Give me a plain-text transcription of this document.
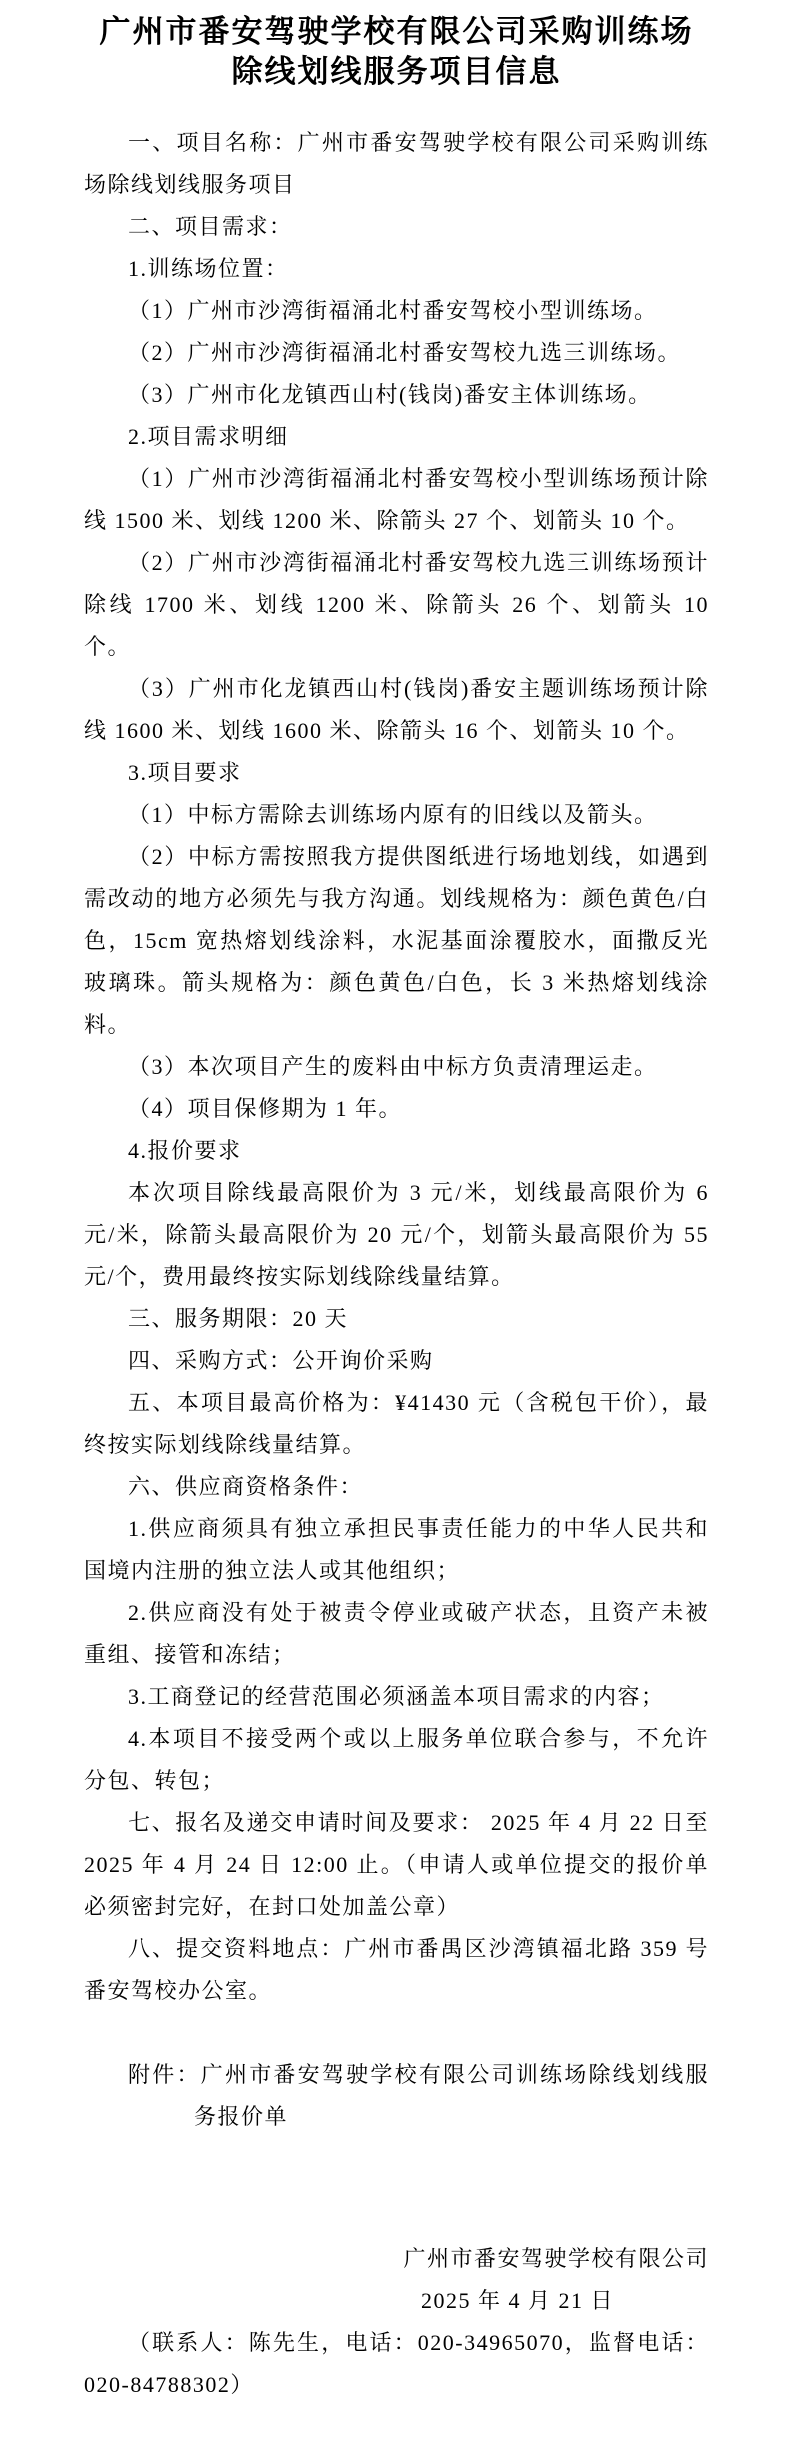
广州市番安驾驶学校有限公司采购训练场
除线划线服务项目信息

一、项目名称：广州市番安驾驶学校有限公司采购训练场除线划线服务项目

二、项目需求：

1.训练场位置：

（1）广州市沙湾街福涌北村番安驾校小型训练场。

（2）广州市沙湾街福涌北村番安驾校九选三训练场。

（3）广州市化龙镇西山村(钱岗)番安主体训练场。

2.项目需求明细

（1）广州市沙湾街福涌北村番安驾校小型训练场预计除线 1500 米、划线 1200 米、除箭头 27 个、划箭头 10 个。

（2）广州市沙湾街福涌北村番安驾校九选三训练场预计除线 1700 米、划线 1200 米、除箭头 26 个、划箭头 10 个。

（3）广州市化龙镇西山村(钱岗)番安主题训练场预计除线 1600 米、划线 1600 米、除箭头 16 个、划箭头 10 个。

3.项目要求

（1）中标方需除去训练场内原有的旧线以及箭头。

（2）中标方需按照我方提供图纸进行场地划线，如遇到需改动的地方必须先与我方沟通。划线规格为：颜色黄色/白色，15cm 宽热熔划线涂料，水泥基面涂覆胶水，面撒反光玻璃珠。箭头规格为：颜色黄色/白色，长 3 米热熔划线涂料。

（3）本次项目产生的废料由中标方负责清理运走。

（4）项目保修期为 1 年。

4.报价要求

本次项目除线最高限价为 3 元/米，划线最高限价为 6 元/米，除箭头最高限价为 20 元/个，划箭头最高限价为 55 元/个，费用最终按实际划线除线量结算。

三、服务期限：20 天

四、采购方式：公开询价采购

五、本项目最高价格为：¥41430 元（含税包干价），最终按实际划线除线量结算。

六、供应商资格条件：

1.供应商须具有独立承担民事责任能力的中华人民共和国境内注册的独立法人或其他组织；

2.供应商没有处于被责令停业或破产状态，且资产未被重组、接管和冻结；

3.工商登记的经营范围必须涵盖本项目需求的内容；

4.本项目不接受两个或以上服务单位联合参与，不允许分包、转包；

七、报名及递交申请时间及要求： 2025 年 4 月 22 日至 2025 年 4 月 24 日 12:00 止。（申请人或单位提交的报价单必须密封完好，在封口处加盖公章）

八、提交资料地点：广州市番禺区沙湾镇福北路 359 号番安驾校办公室。

附件：广州市番安驾驶学校有限公司训练场除线划线服务报价单

广州市番安驾驶学校有限公司

2025 年 4 月 21 日

（联系人：陈先生，电话：020-34965070，监督电话：020-84788302）
